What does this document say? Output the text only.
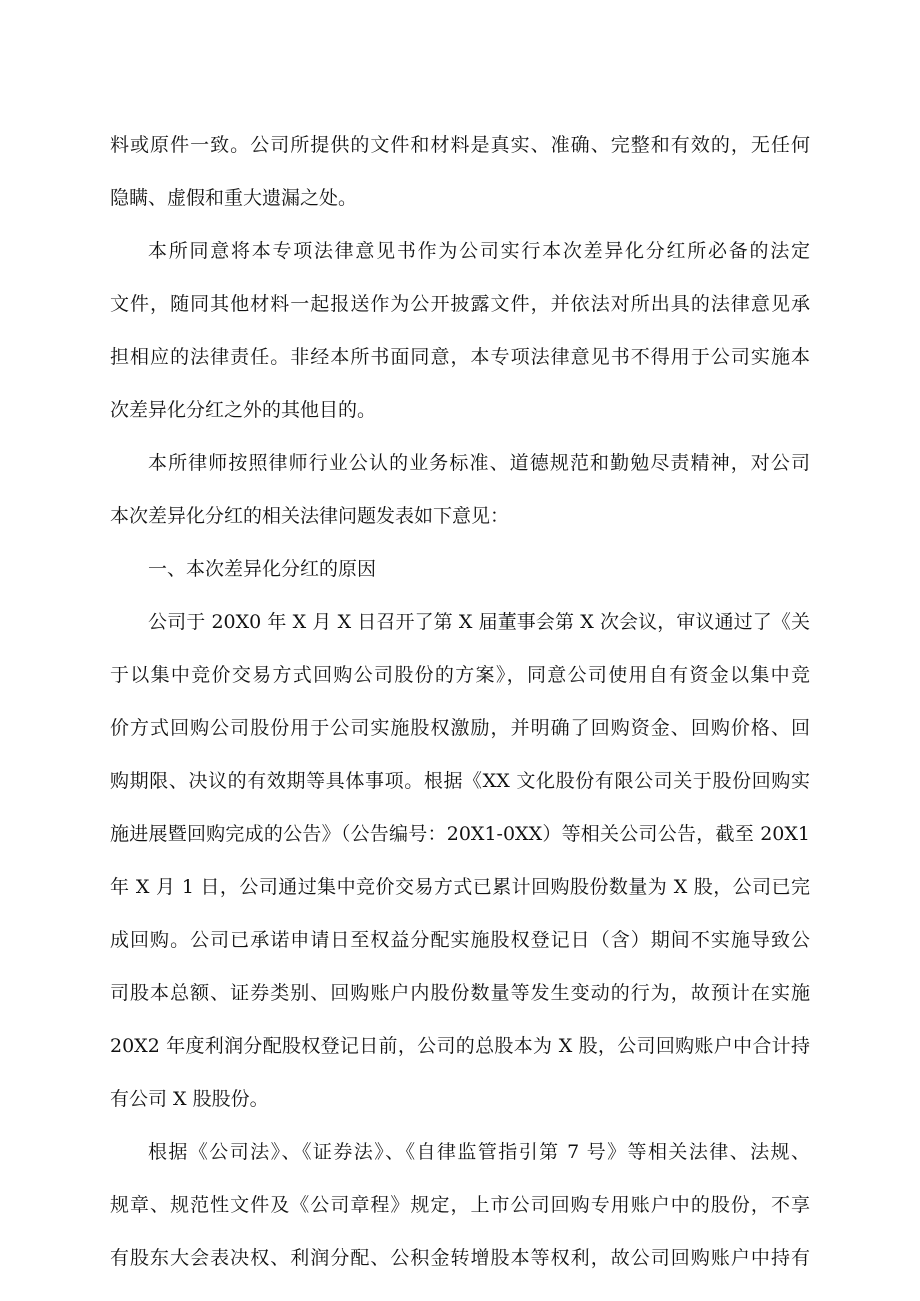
料或原件一致。公司所提供的文件和材料是真实、准确、完整和有效的，无任何
隐瞒、虚假和重大遗漏之处。
本所同意将本专项法律意见书作为公司实行本次差异化分红所必备的法定
文件，随同其他材料一起报送作为公开披露文件，并依法对所出具的法律意见承
担相应的法律责任。非经本所书面同意，本专项法律意见书不得用于公司实施本
次差异化分红之外的其他目的。
本所律师按照律师行业公认的业务标准、道德规范和勤勉尽责精神，对公司
本次差异化分红的相关法律问题发表如下意见：
一、本次差异化分红的原因
公司于 20X0 年 X 月 X 日召开了第 X 届董事会第 X 次会议，审议通过了《关
于以集中竞价交易方式回购公司股份的方案》，同意公司使用自有资金以集中竞
价方式回购公司股份用于公司实施股权激励，并明确了回购资金、回购价格、回
购期限、决议的有效期等具体事项。根据《XX 文化股份有限公司关于股份回购实
施进展暨回购完成的公告》（公告编号：20X1-0XX）等相关公司公告，截至 20X1
年 X 月 1 日，公司通过集中竞价交易方式已累计回购股份数量为 X 股，公司已完
成回购。公司已承诺申请日至权益分配实施股权登记日（含）期间不实施导致公
司股本总额、证券类别、回购账户内股份数量等发生变动的行为，故预计在实施
20X2 年度利润分配股权登记日前，公司的总股本为 X 股，公司回购账户中合计持
有公司 X 股股份。
根据《公司法》、《证券法》、《自律监管指引第 7 号》等相关法律、法规、
规章、规范性文件及《公司章程》规定，上市公司回购专用账户中的股份，不享
有股东大会表决权、利润分配、公积金转增股本等权利，故公司回购账户中持有
